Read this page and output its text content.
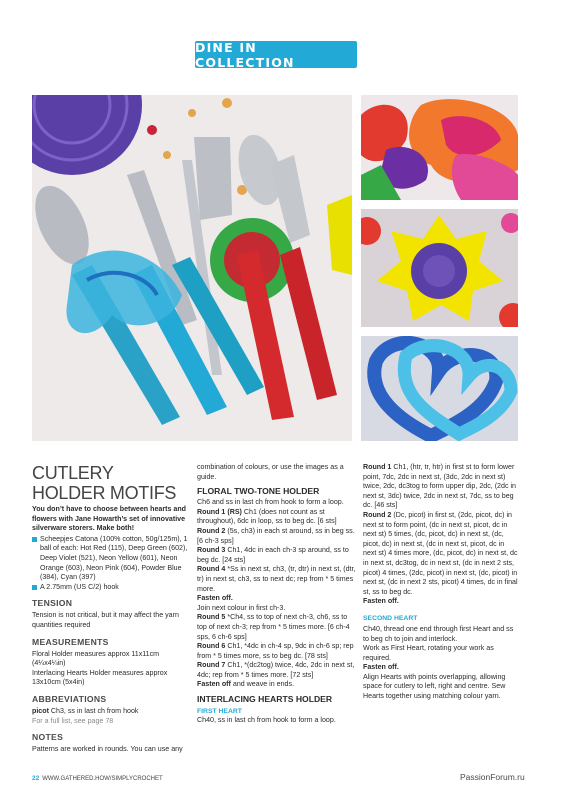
DINE IN COLLECTION
CUTLERY HOLDER MOTIFS

You don’t have to choose between hearts and flowers with Jane Howarth’s set of innovative silverware storers. Make both!

Scheepjes Catona (100% cotton, 50g/125m), 1 ball of each: Hot Red (115), Deep Green (602), Deep Violet (521), Neon Yellow (601), Neon Orange (603), Neon Pink (604), Powder Blue (384), Cyan (397)

A 2.75mm (US C/2) hook

TENSION

Tension is not critical, but it may affect the yarn quantities required

MEASUREMENTS

Floral Holder measures approx 11x11cm (4¼x4¼in)

Interlacing Hearts Holder measures approx 13x10cm (5x4in)

ABBREVIATIONS

picot Ch3, ss in last ch from hook

For a full list, see page 78

NOTES

Patterns are worked in rounds. You can use any

combination of colours, or use the images as a guide.

FLORAL TWO-TONE HOLDER

Ch6 and ss in last ch from hook to form a loop.

Round 1 (RS) Ch1 (does not count as st throughout), 6dc in loop, ss to beg dc. [6 sts]

Round 2 (5s, ch3) in each st around, ss in beg ss. [6 ch-3 sps]

Round 3 Ch1, 4dc in each ch-3 sp around, ss to beg dc. [24 sts]

Round 4 *Ss in next st, ch3, (tr, dtr) in next st, (dtr, tr) in next st, ch3, ss to next dc; rep from * 5 times more.

Fasten off.

Join next colour in first ch-3.

Round 5 *Ch4, ss to top of next ch-3, ch6, ss to top of next ch-3; rep from * 5 times more. [6 ch-4 sps, 6 ch-6 sps]

Round 6 Ch1, *4dc in ch-4 sp, 9dc in ch-6 sp; rep from * 5 times more, ss to beg dc. [78 sts]

Round 7 Ch1, *(dc2tog) twice, 4dc, 2dc in next st, 4dc; rep from * 5 times more. [72 sts]

Fasten off and weave in ends.

INTERLACING HEARTS HOLDER

FIRST HEART

Ch40, ss in last ch from hook to form a loop.

Round 1 Ch1, (htr, tr, htr) in first st to form lower point, 7dc, 2dc in next st, (3dc, 2dc in next st) twice, 2dc, dc3tog to form upper dip, 2dc, (2dc in next st, 3dc) twice, 2dc in next st, 7dc, ss to beg dc. [46 sts]

Round 2 (Dc, picot) in first st, (2dc, picot, dc) in next st to form point, (dc in next st, picot, dc in next st) 5 times, (dc, picot, dc) in next st, (dc, picot, dc) in next st, (dc in next st, picot, dc in next st) 4 times more, (dc, picot, dc) in next st, dc in next st, dc3tog, dc in next st, (dc in next 2 sts, picot) 4 times, (2dc, picot) in next st, (dc, picot) in next st, (dc in next 2 sts, picot) 4 times, dc in final st, ss to beg dc.

Fasten off.

SECOND HEART

Ch40, thread one end through first Heart and ss to beg ch to join and interlock.

Work as First Heart, rotating your work as required.

Fasten off.

Align Hearts with points overlapping, allowing space for cutlery to left, right and centre. Sew Hearts together using matching colour yarn.

22 WWW.GATHERED.HOW/SIMPLYCROCHET	PassionForum.ru
